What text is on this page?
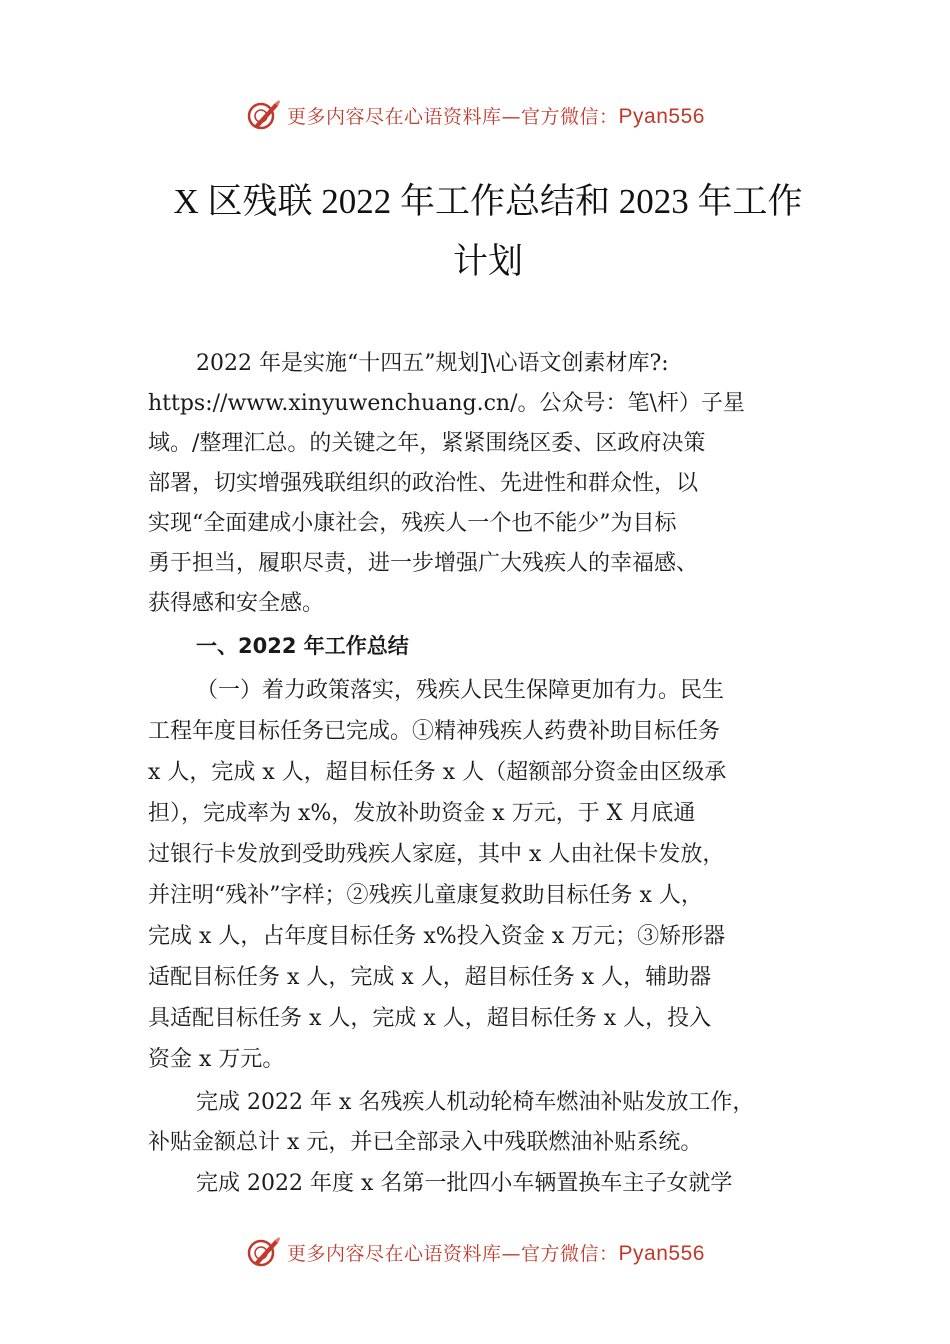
更多内容尽在心语资料库—官方微信：Pyan556
X 区残联 2022 年工作总结和 2023 年工作
计划
2022 年是实施“十四五”规划]\心语文创素材库?:
https://www.xinyuwenchuang.cn/。公众号：笔\杆）子星
域。/整理汇总。的关键之年，紧紧围绕区委、区政府决策
部署，切实增强残联组织的政治性、先进性和群众性，以
实现“全面建成小康社会，残疾人一个也不能少”为目标
勇于担当，履职尽责，进一步增强广大残疾人的幸福感、
获得感和安全感。
一、2022 年工作总结
（一）着力政策落实，残疾人民生保障更加有力。民生
工程年度目标任务已完成。①精神残疾人药费补助目标任务
x 人，完成 x 人，超目标任务 x 人（超额部分资金由区级承
担），完成率为 x%，发放补助资金 x 万元，于 X 月底通
过银行卡发放到受助残疾人家庭，其中 x 人由社保卡发放，
并注明“残补”字样；②残疾儿童康复救助目标任务 x 人，
完成 x 人，占年度目标任务 x%投入资金 x 万元；③矫形器
适配目标任务 x 人，完成 x 人，超目标任务 x 人，辅助器
具适配目标任务 x 人，完成 x 人，超目标任务 x 人，投入
资金 x 万元。
完成 2022 年 x 名残疾人机动轮椅车燃油补贴发放工作，
补贴金额总计 x 元，并已全部录入中残联燃油补贴系统。
完成 2022 年度 x 名第一批四小车辆置换车主子女就学
更多内容尽在心语资料库—官方微信：Pyan556
